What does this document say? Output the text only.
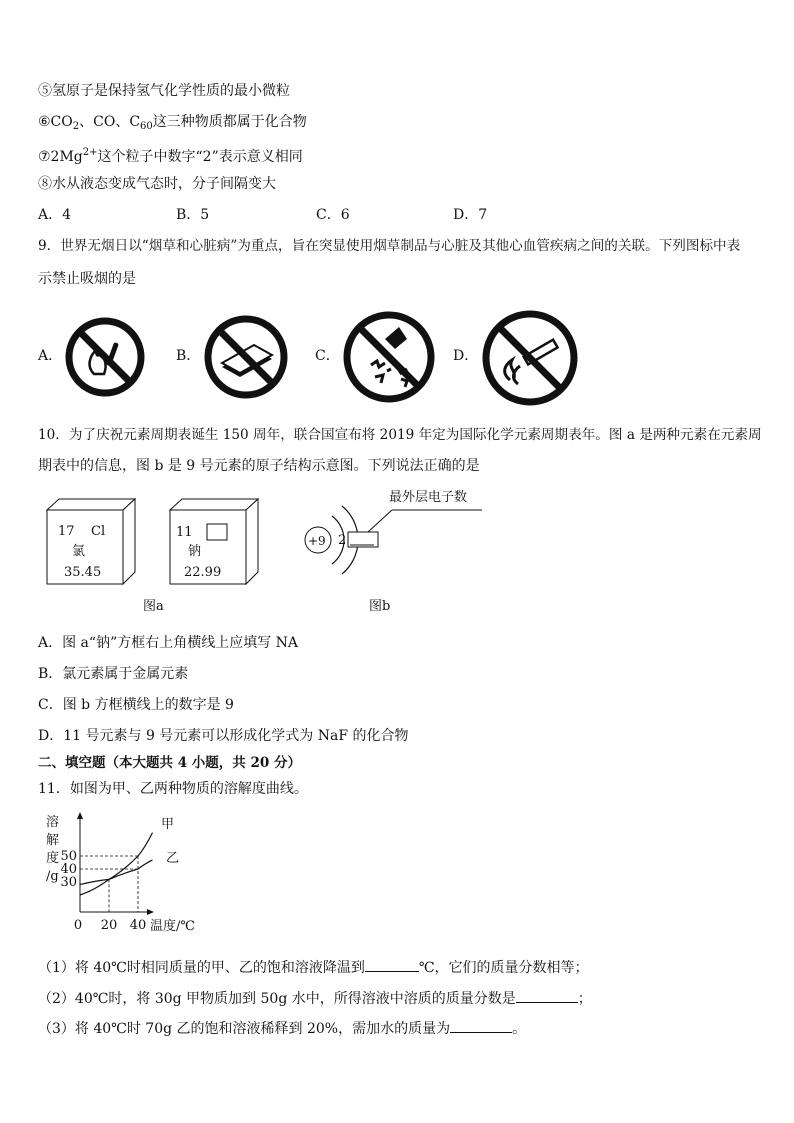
⑤氢原子是保持氢气化学性质的最小微粒
$⑥CO_2$、CO、$C_{60}$这三种物质都属于化合物
$⑦2Mg^{2+}$这个粒子中数字“2”表示意义相同
⑧水从液态变成气态时，分子间隔变大
A．4	B．5	C．6	D．7
9．世界无烟日以“烟草和心脏病”为重点，旨在突显使用烟草制品与心脏及其他心血管疾病之间的关联。下列图标中表
示禁止吸烟的是
A．	B．	C．	D．
10．为了庆祝元素周期表诞生 150 周年，联合国宣布将 2019 年定为国际化学元素周期表年。图 a 是两种元素在元素周
期表中的信息，图 b 是 9 号元素的原子结构示意图。下列说法正确的是
17 Cl
氯
35.45
11
钠
22.99
+9 2
最外层电子数
图a	图b
A．图 a“钠”方框右上角横线上应填写 NA
B．氯元素属于金属元素
C．图 b 方框横线上的数字是 9
D．11 号元素与 9 号元素可以形成化学式为 NaF 的化合物
二、填空题（本大题共 4 小题，共 20 分）
11．如图为甲、乙两种物质的溶解度曲线。
溶
解
度
/g
0 20 40
30
40
50
温度/℃
甲
乙
（1）将 40℃时相同质量的甲、乙的饱和溶液降温到	℃，它们的质量分数相等；
（2）40℃时，将 30g 甲物质加到 50g 水中，所得溶液中溶质的质量分数是	；
（3）将 40℃时 70g 乙的饱和溶液稀释到 20%，需加水的质量为	。
